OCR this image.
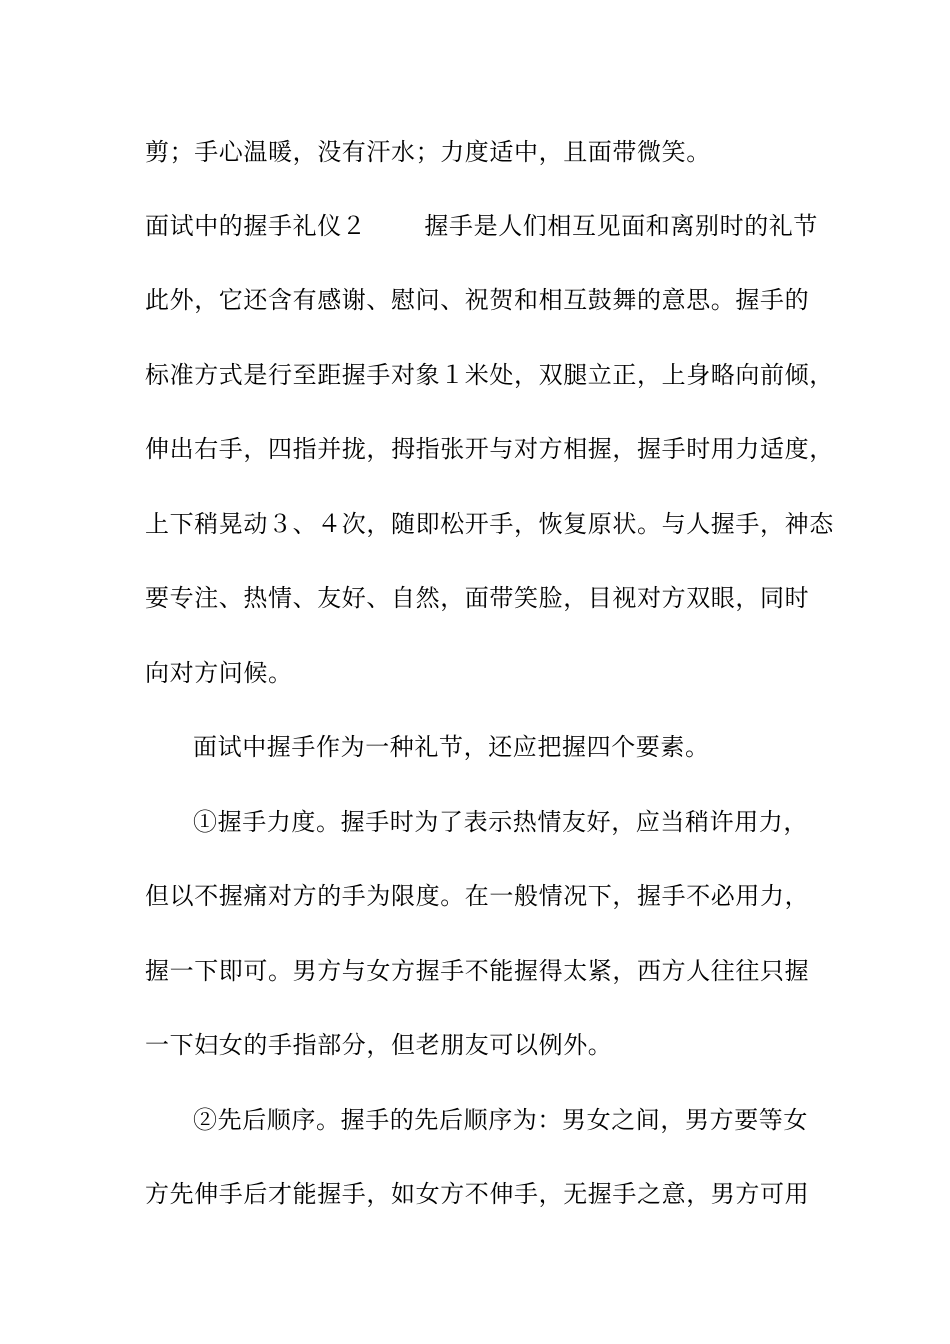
剪；手心温暖，没有汗水；力度适中，且面带微笑。
面试中的握手礼仪２ 握手是人们相互见面和离别时的礼节
此外，它还含有感谢、慰问、祝贺和相互鼓舞的意思。握手的
标准方式是行至距握手对象１米处，双腿立正，上身略向前倾，
伸出右手，四指并拢，拇指张开与对方相握，握手时用力适度，
上下稍晃动３、４次，随即松开手，恢复原状。与人握手，神态
要专注、热情、友好、自然，面带笑脸，目视对方双眼，同时
向对方问候。
面试中握手作为一种礼节，还应把握四个要素。
①握手力度。握手时为了表示热情友好，应当稍许用力，
但以不握痛对方的手为限度。在一般情况下，握手不必用力，
握一下即可。男方与女方握手不能握得太紧，西方人往往只握
一下妇女的手指部分，但老朋友可以例外。
②先后顺序。握手的先后顺序为：男女之间，男方要等女
方先伸手后才能握手，如女方不伸手，无握手之意，男方可用
